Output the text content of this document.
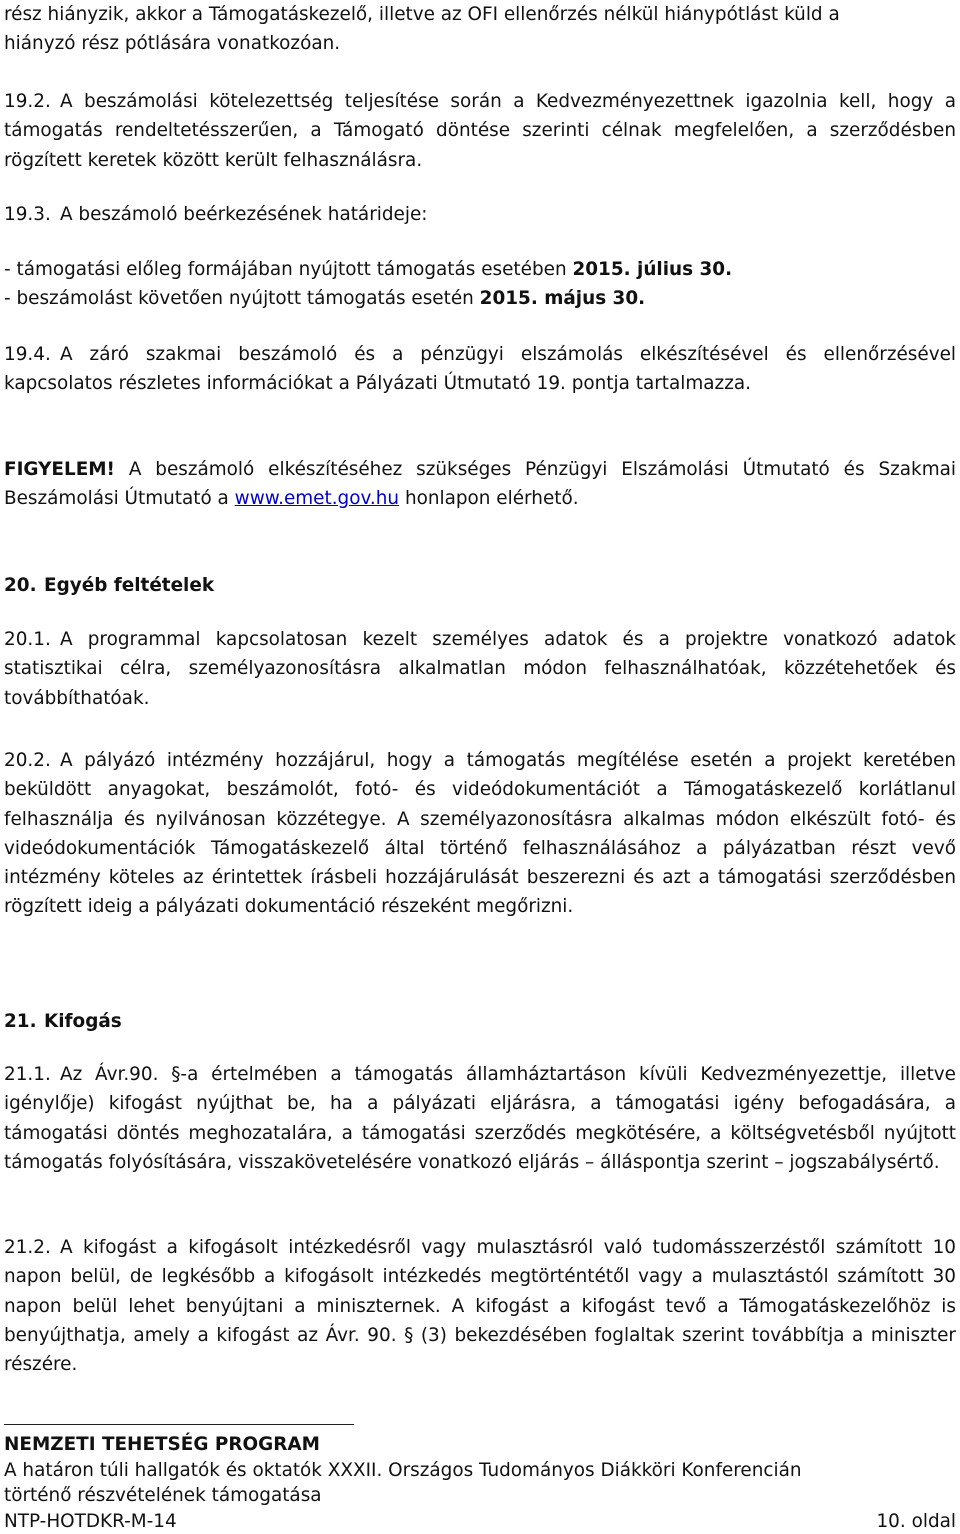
rész hiányzik, akkor a Támogatáskezelő, illetve az OFI ellenőrzés nélkül hiánypótlást küld a

hiányzó rész pótlására vonatkozóan.

19.2. A beszámolási kötelezettség teljesítése során a Kedvezményezettnek igazolnia kell, hogy a támogatás rendeltetésszerűen, a Támogató döntése szerinti célnak megfelelően, a szerződésben rögzített keretek között került felhasználásra.

19.3. A beszámoló beérkezésének határideje:

- támogatási előleg formájában nyújtott támogatás esetében 2015. július 30.

- beszámolást követően nyújtott támogatás esetén 2015. május 30.

19.4. A záró szakmai beszámoló és a pénzügyi elszámolás elkészítésével és ellenőrzésével kapcsolatos részletes információkat a Pályázati Útmutató 19. pontja tartalmazza.

FIGYELEM! A beszámoló elkészítéséhez szükséges Pénzügyi Elszámolási Útmutató és Szakmai Beszámolási Útmutató a www.emet.gov.hu honlapon elérhető.

20. Egyéb feltételek

20.1. A programmal kapcsolatosan kezelt személyes adatok és a projektre vonatkozó adatok statisztikai célra, személyazonosításra alkalmatlan módon felhasználhatóak, közzétehetőek és továbbíthatóak.

20.2. A pályázó intézmény hozzájárul, hogy a támogatás megítélése esetén a projekt keretében beküldött anyagokat, beszámolót, fotó- és videódokumentációt a Támogatáskezelő korlátlanul felhasználja és nyilvánosan közzétegye. A személyazonosításra alkalmas módon elkészült fotó- és videódokumentációk Támogatáskezelő által történő felhasználásához a pályázatban részt vevő intézmény köteles az érintettek írásbeli hozzájárulását beszerezni és azt a támogatási szerződésben rögzített ideig a pályázati dokumentáció részeként megőrizni.

21. Kifogás

21.1. Az Ávr.90. §-a értelmében a támogatás államháztartáson kívüli Kedvezményezettje, illetve igénylője) kifogást nyújthat be, ha a pályázati eljárásra, a támogatási igény befogadására, a támogatási döntés meghozatalára, a támogatási szerződés megkötésére, a költségvetésből nyújtott támogatás folyósítására, visszakövetelésére vonatkozó eljárás – álláspontja szerint – jogszabálysértő.

21.2. A kifogást a kifogásolt intézkedésről vagy mulasztásról való tudomásszerzéstől számított 10 napon belül, de legkésőbb a kifogásolt intézkedés megtörténtétől vagy a mulasztástól számított 30 napon belül lehet benyújtani a miniszternek. A kifogást a kifogást tevő a Támogatáskezelőhöz is benyújthatja, amely a kifogást az Ávr. 90. § (3) bekezdésében foglaltak szerint továbbítja a miniszter részére.

NEMZETI TEHETSÉG PROGRAM
A határon túli hallgatók és oktatók XXXII. Országos Tudományos Diákköri Konferencián
történő részvételének támogatása
NTP-HOTDKR-M-14	10. oldal
